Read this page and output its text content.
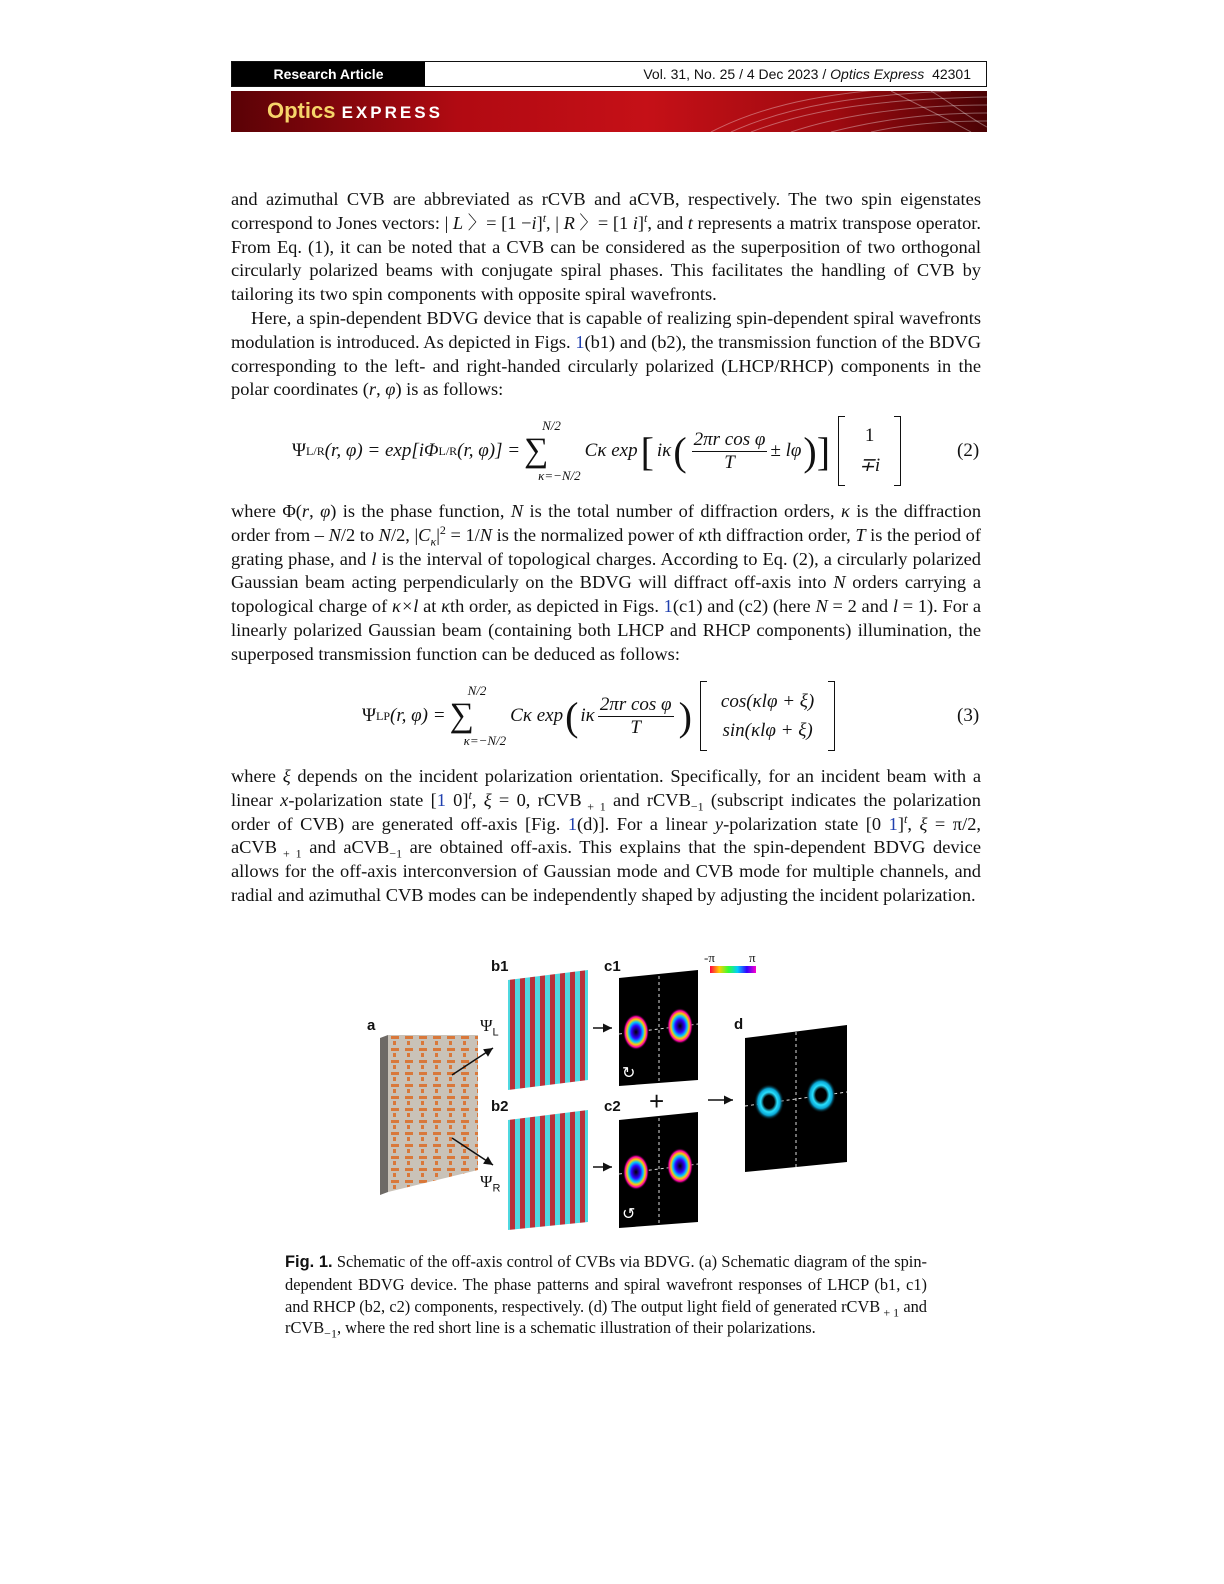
Research Article	Vol. 31, No. 25 / 4 Dec 2023 / Optics Express
42301
Optics EXPRESS

and azimuthal CVB are abbreviated as rCVB and aCVB, respectively. The two spin eigenstates correspond to Jones vectors: | L 〉= $[1 -i]^t$, | R 〉= [1 i]$^t$, and t represents a matrix transpose operator. From Eq. (1), it can be noted that a CVB can be considered as the superposition of two orthogonal circularly polarized beams with conjugate spiral phases. This facilitates the handling of CVB by tailoring its two spin components with opposite spiral wavefronts.

Here, a spin-dependent BDVG device that is capable of realizing spin-dependent spiral wavefronts modulation is introduced. As depicted in Figs. 1(b1) and (b2), the transmission function of the BDVG corresponding to the left- and right-handed circularly polarized (LHCP/RHCP) components in the polar coordinates (r, φ) is as follows:

Ψ L/R (r, φ) = exp[iΦ L/R (r, φ)] =
N/2
∑
κ=−N/2
Cκ exp [ iκ ( $\frac{\text{2πr cos φ}}{T} \pm l\varphi$ )] 1
∓i
(2)

where Φ(r, φ) is the phase function, N is the total number of diffraction orders, κ is the diffraction order from – N/2 to N/2, $|C_\kappa|^2 = 1/N$ is the normalized power of κth diffraction order, T is the period of grating phase, and l is the interval of topological charges. According to Eq. (2), a circularly polarized Gaussian beam acting perpendicularly on the BDVG will diffract off-axis into N orders carrying a topological charge of κ×l at κth order, as depicted in Figs. 1(c1) and (c2) (here N = 2 and l = 1). For a linearly polarized Gaussian beam (containing both LHCP and RHCP components) illumination, the superposed transmission function can be deduced as follows:

Ψ LP (r, φ) =
N/2
∑
κ=−N/2
Cκ exp ( iκ $\frac{\text{2πr cos φ}}{T}$ ) cos(κlφ + ξ)
sin(κlφ + ξ)
(3)

where ξ depends on the incident polarization orientation. Specifically, for an incident beam with a linear x-polarization state [1 0]$^t$, ξ = 0, rCVB $_{+ 1}$ and rCVB$_{-1}$ (subscript indicates the polarization order of CVB) are generated off-axis [Fig. 1(d)]. For a linear y-polarization state [0 1]$^t$, ξ = π/2, aCVB $_{+ 1}$ and aCVB$_{-1}$ are obtained off-axis. This explains that the spin-dependent BDVG device allows for the off-axis interconversion of Gaussian mode and CVB mode for multiple channels, and radial and azimuthal CVB modes can be independently shaped by adjusting the incident polarization.

a
b1
b2
c1
c2
d
$\Psi_L$
$\Psi_R$
-π	π
+
↻
↺
Fig. 1. Schematic of the off-axis control of CVBs via BDVG. (a) Schematic diagram of the spin-dependent BDVG device. The phase patterns and spiral wavefront responses of LHCP (b1, c1) and RHCP (b2, c2) components, respectively. (d) The output light field of generated rCVB $_{+ 1}$ and rCVB$_{-1}$, where the red short line is a schematic illustration of their polarizations.
